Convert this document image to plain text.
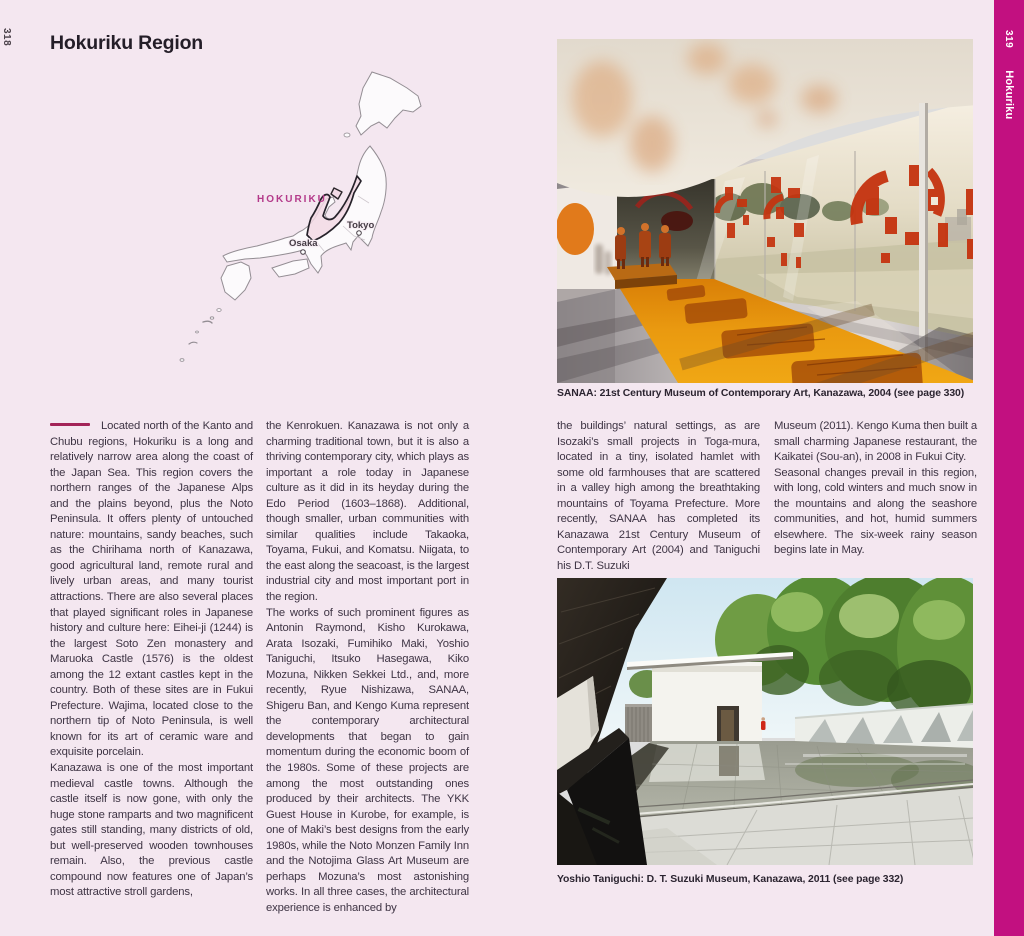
318 Hokuriku Region
HOKURIKU
Tokyo
Osaka
SANAA: 21st Century Museum of Contemporary Art, Kanazawa, 2004 (see page 330)

Located north of the Kanto and Chubu regions, Hokuriku is a long and relatively narrow area along the coast of the Japan Sea. This region covers the northern ranges of the Japanese Alps and the plains beyond, plus the Noto Peninsula. It offers plenty of untouched nature: mountains, sandy beaches, such as the Chirihama north of Kanazawa, good agricultural land, remote rural and lively urban areas, and many tourist attractions. There are also several places that played significant roles in Japanese history and culture here: Eihei-ji (1244) is the largest Soto Zen monastery and Maruoka Castle (1576) is the oldest among the 12 extant castles kept in the country. Both of these sites are in Fukui Prefecture. Wajima, located close to the northern tip of Noto Peninsula, is well known for its art of ceramic ware and exquisite porcelain.

Kanazawa is one of the most important medieval castle towns. Although the castle itself is now gone, with only the huge stone ramparts and two magnificent gates still standing, many districts of old, but well-preserved wooden townhouses remain. Also, the previous castle compound now features one of Japan’s most attractive stroll gardens,

the Kenrokuen. Kanazawa is not only a charming traditional town, but it is also a thriving contemporary city, which plays as important a role today in Japanese culture as it did in its heyday during the Edo Period (1603–1868). Additional, though smaller, urban communities with similar qualities include Takaoka, Toyama, Fukui, and Komatsu. Niigata, to the east along the seacoast, is the largest industrial city and most important port in the region.

The works of such prominent figures as Antonin Raymond, Kisho Kurokawa, Arata Isozaki, Fumihiko Maki, Yoshio Taniguchi, Itsuko Hasegawa, Kiko Mozuna, Nikken Sekkei Ltd., and, more recently, Ryue Nishizawa, SANAA, Shigeru Ban, and Kengo Kuma represent the contemporary architectural developments that began to gain momentum during the economic boom of the 1980s. Some of these projects are among the most outstanding ones produced by their architects. The YKK Guest House in Kurobe, for example, is one of Maki’s best designs from the early 1980s, while the Noto Monzen Family Inn and the Notojima Glass Art Museum are perhaps Mozuna’s most astonishing works. In all three cases, the architectural experience is enhanced by

the buildings’ natural settings, as are Isozaki’s small projects in Toga-mura, located in a tiny, isolated hamlet with some old farmhouses that are scattered in a valley high among the breathtaking mountains of Toyama Prefecture. More recently, SANAA has completed its Kanazawa 21st Century Museum of Contemporary Art (2004) and Taniguchi his D.T. Suzuki

Museum (2011). Kengo Kuma then built a small charming Japanese restaurant, the Kaikatei (Sou-an), in 2008 in Fukui City.

Seasonal changes prevail in this region, with long, cold winters and much snow in the mountains and along the seashore communities, and hot, humid summers elsewhere. The six-week rainy season begins late in May.

Yoshio Taniguchi: D. T. Suzuki Museum, Kanazawa, 2011 (see page 332)
319Hokuriku
